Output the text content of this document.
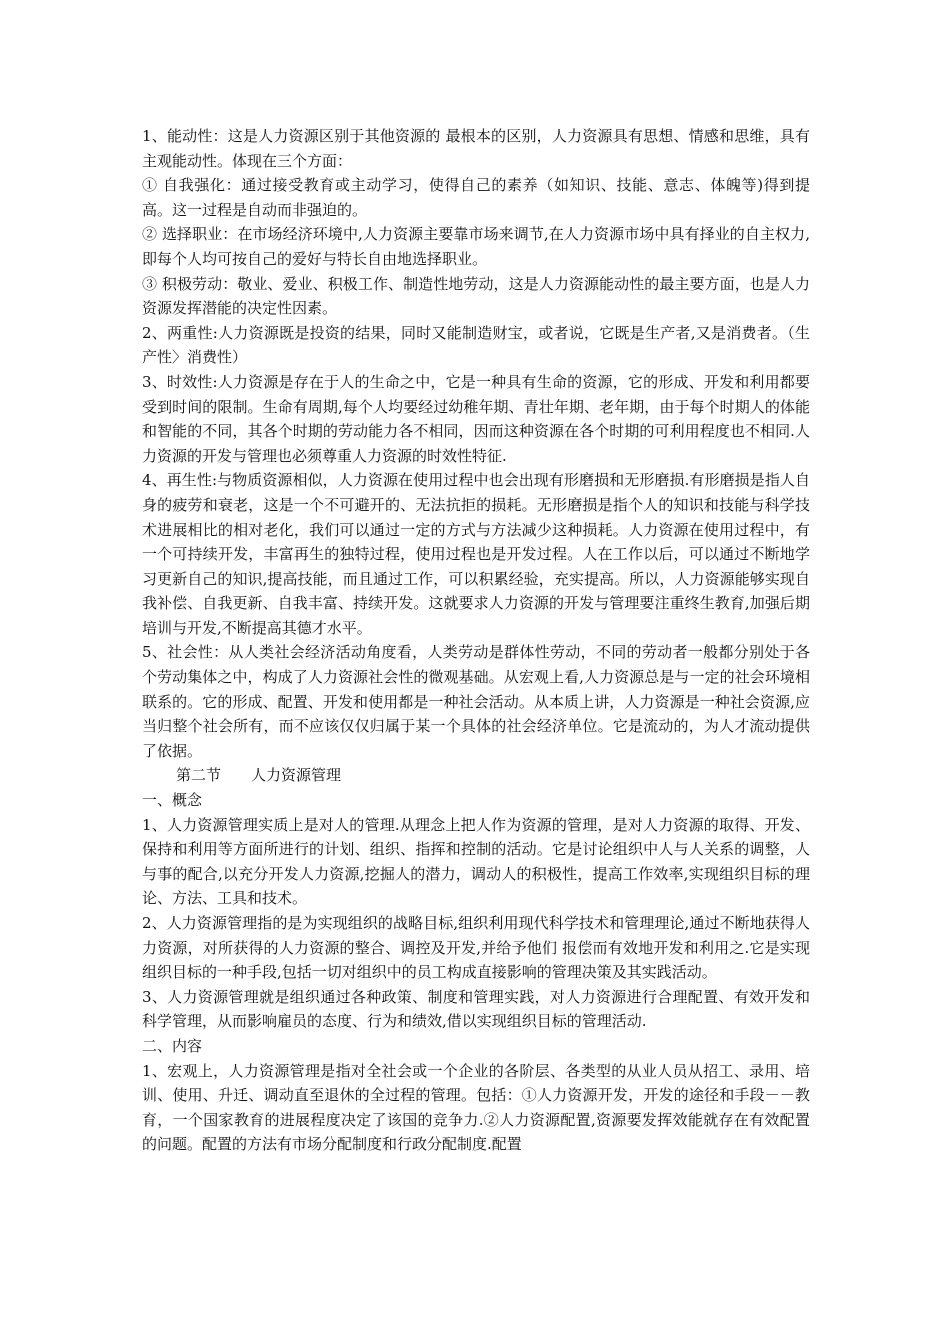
1、能动性：这是人力资源区别于其他资源的 最根本的区别，人力资源具有思想、情感和思维，具有主观能动性。体现在三个方面：

① 自我强化：通过接受教育或主动学习，使得自己的素养（如知识、技能、意志、体魄等)得到提高。这一过程是自动而非强迫的。

② 选择职业：在市场经济环境中,人力资源主要靠市场来调节,在人力资源市场中具有择业的自主权力,即每个人均可按自己的爱好与特长自由地选择职业。

③ 积极劳动：敬业、爱业、积极工作、制造性地劳动，这是人力资源能动性的最主要方面，也是人力资源发挥潜能的决定性因素。

2、两重性:人力资源既是投资的结果，同时又能制造财宝，或者说，它既是生产者,又是消费者。（生产性〉消费性）

3、时效性:人力资源是存在于人的生命之中，它是一种具有生命的资源，它的形成、开发和利用都要受到时间的限制。生命有周期,每个人均要经过幼稚年期、青壮年期、老年期，由于每个时期人的体能和智能的不同，其各个时期的劳动能力各不相同，因而这种资源在各个时期的可利用程度也不相同.人力资源的开发与管理也必须尊重人力资源的时效性特征.

4、再生性:与物质资源相似，人力资源在使用过程中也会出现有形磨损和无形磨损.有形磨损是指人自身的疲劳和衰老，这是一个不可避开的、无法抗拒的损耗。无形磨损是指个人的知识和技能与科学技术进展相比的相对老化，我们可以通过一定的方式与方法减少这种损耗。人力资源在使用过程中，有一个可持续开发，丰富再生的独特过程，使用过程也是开发过程。人在工作以后，可以通过不断地学习更新自己的知识,提高技能，而且通过工作，可以积累经验，充实提高。所以，人力资源能够实现自我补偿、自我更新、自我丰富、持续开发。这就要求人力资源的开发与管理要注重终生教育,加强后期培训与开发,不断提高其德才水平。

5、社会性：从人类社会经济活动角度看，人类劳动是群体性劳动，不同的劳动者一般都分别处于各个劳动集体之中，构成了人力资源社会性的微观基础。从宏观上看,人力资源总是与一定的社会环境相联系的。它的形成、配置、开发和使用都是一种社会活动。从本质上讲，人力资源是一种社会资源,应当归整个社会所有，而不应该仅仅归属于某一个具体的社会经济单位。它是流动的，为人才流动提供了依据。

第二节 人力资源管理

一、概念

1、人力资源管理实质上是对人的管理.从理念上把人作为资源的管理，是对人力资源的取得、开发、保持和利用等方面所进行的计划、组织、指挥和控制的活动。它是讨论组织中人与人关系的调整，人与事的配合,以充分开发人力资源,挖掘人的潜力，调动人的积极性，提高工作效率,实现组织目标的理论、方法、工具和技术。

2、人力资源管理指的是为实现组织的战略目标,组织利用现代科学技术和管理理论,通过不断地获得人力资源，对所获得的人力资源的整合、调控及开发,并给予他们 报偿而有效地开发和利用之.它是实现组织目标的一种手段,包括一切对组织中的员工构成直接影响的管理决策及其实践活动。

3、人力资源管理就是组织通过各种政策、制度和管理实践，对人力资源进行合理配置、有效开发和科学管理，从而影响雇员的态度、行为和绩效,借以实现组织目标的管理活动.

二、内容

1、宏观上，人力资源管理是指对全社会或一个企业的各阶层、各类型的从业人员从招工、录用、培训、使用、升迁、调动直至退休的全过程的管理。包括：①人力资源开发，开发的途径和手段－－教育，一个国家教育的进展程度决定了该国的竞争力.②人力资源配置,资源要发挥效能就存在有效配置的问题。配置的方法有市场分配制度和行政分配制度.配置
